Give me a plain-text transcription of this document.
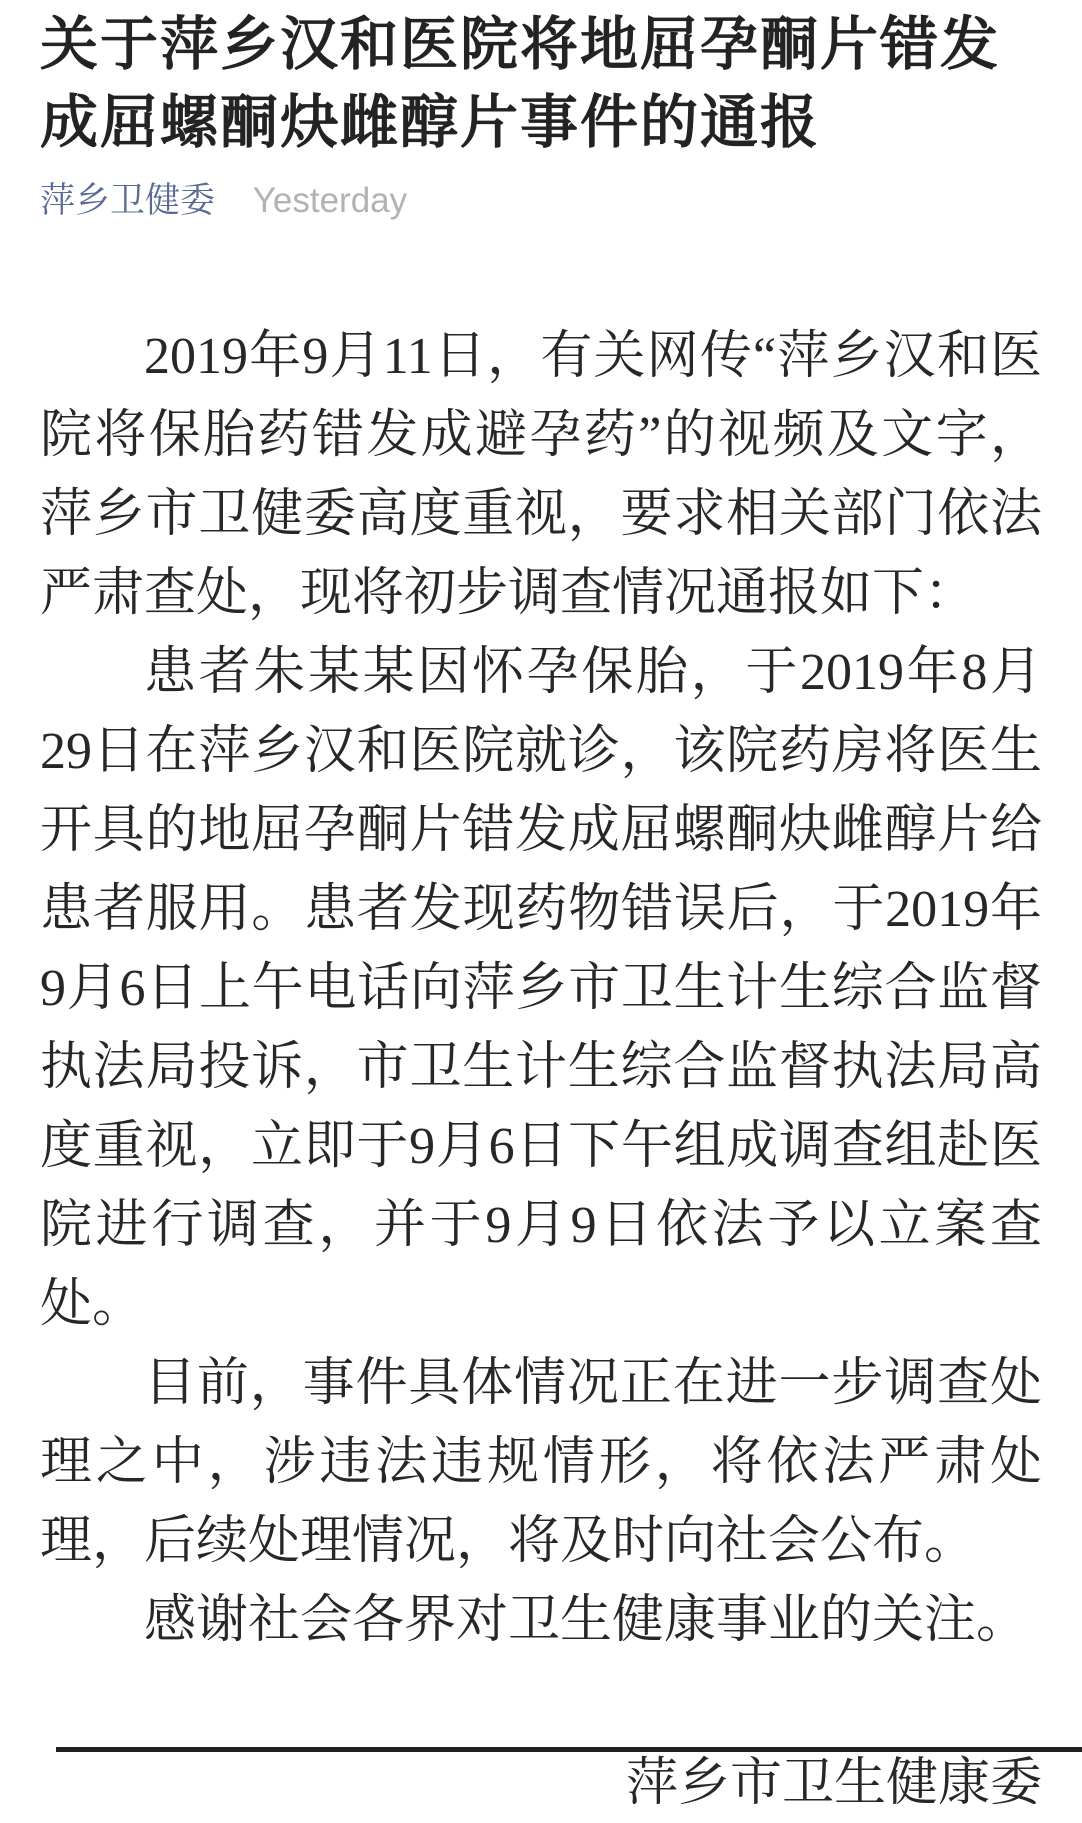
关于萍乡汉和医院将地屈孕酮片错发成屈螺酮炔雌醇片事件的通报
萍乡卫健委 Yesterday

2019年9月11日，有关网传“萍乡汉和医院将保胎药错发成避孕药”的视频及文字，萍乡市卫健委高度重视，要求相关部门依法严肃查处，现将初步调查情况通报如下：

患者朱某某因怀孕保胎，于2019年8月29日在萍乡汉和医院就诊，该院药房将医生开具的地屈孕酮片错发成屈螺酮炔雌醇片给患者服用。患者发现药物错误后，于2019年9月6日上午电话向萍乡市卫生计生综合监督执法局投诉，市卫生计生综合监督执法局高度重视，立即于9月6日下午组成调查组赴医院进行调查，并于9月9日依法予以立案查处。

目前，事件具体情况正在进一步调查处理之中，涉违法违规情形，将依法严肃处理，后续处理情况，将及时向社会公布。

感谢社会各界对卫生健康事业的关注。

萍乡市卫生健康委
